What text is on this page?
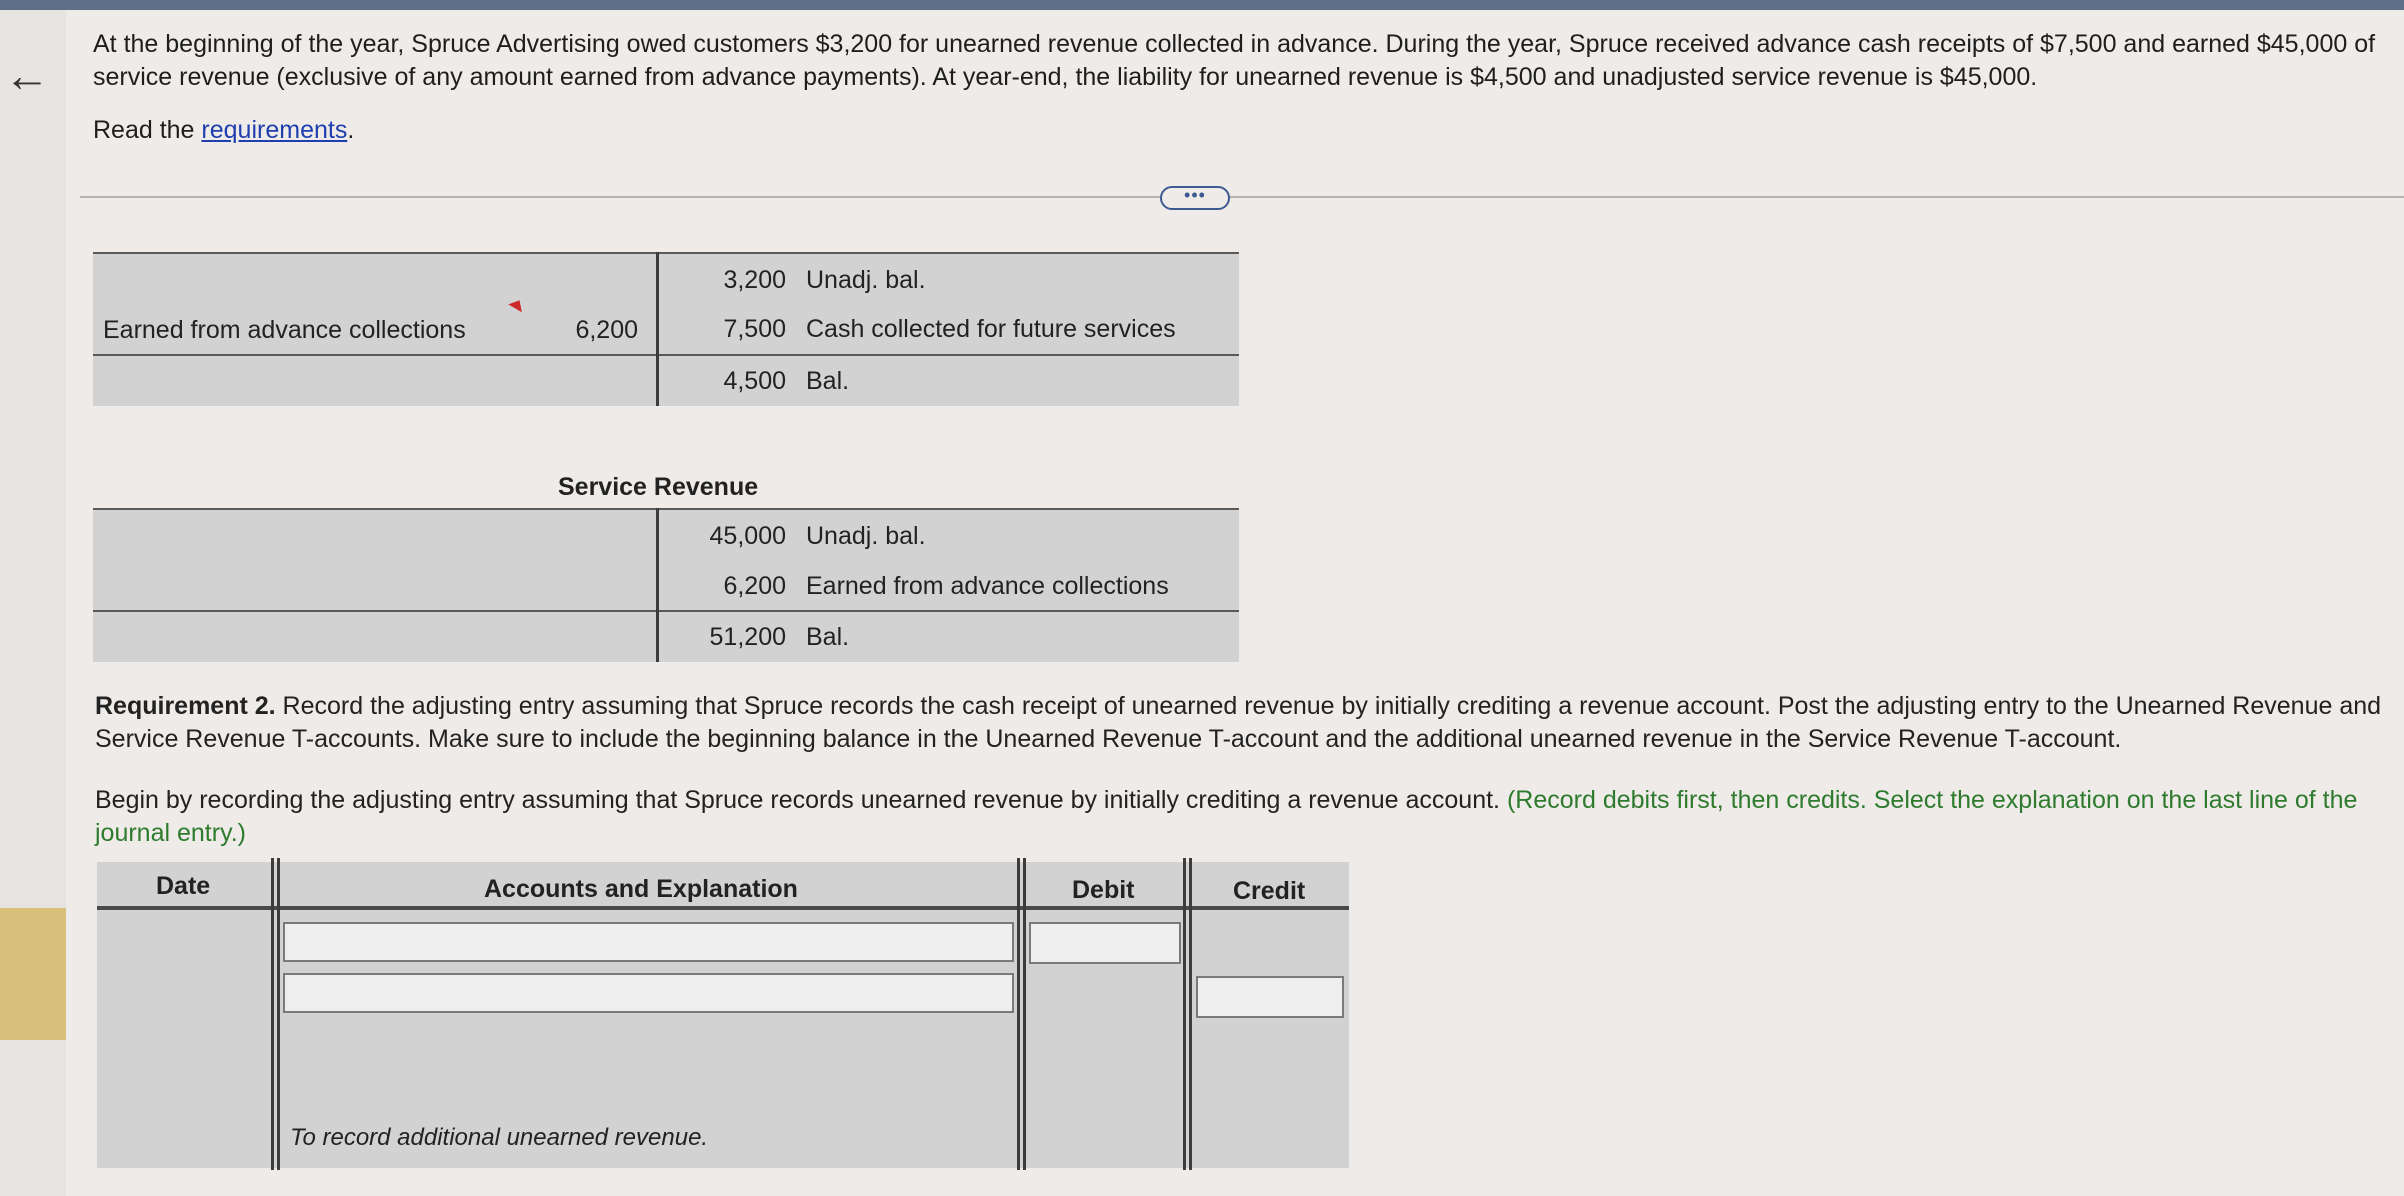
←
At the beginning of the year, Spruce Advertising owed customers $3,200 for unearned revenue collected in advance. During the year, Spruce received advance cash receipts of $7,500 and earned $45,000 of service revenue (exclusive of any amount earned from advance payments). At year-end, the liability for unearned revenue is $4,500 and unadjusted service revenue is $45,000.
Read the requirements.
•••
Earned from advance collections	6,200
3,200 Unadj. bal.
7,500 Cash collected for future services
4,500 Bal.
Service Revenue
45,000 Unadj. bal.
6,200 Earned from advance collections
51,200 Bal.
Requirement 2. Record the adjusting entry assuming that Spruce records the cash receipt of unearned revenue by initially crediting a revenue account. Post the adjusting entry to the Unearned Revenue and Service Revenue T-accounts. Make sure to include the beginning balance in the Unearned Revenue T-account and the additional unearned revenue in the Service Revenue T-account.
Begin by recording the adjusting entry assuming that Spruce records unearned revenue by initially crediting a revenue account. (Record debits first, then credits. Select the explanation on the last line of the journal entry.)
Date	Accounts and Explanation	Debit	Credit
To record additional unearned revenue.
